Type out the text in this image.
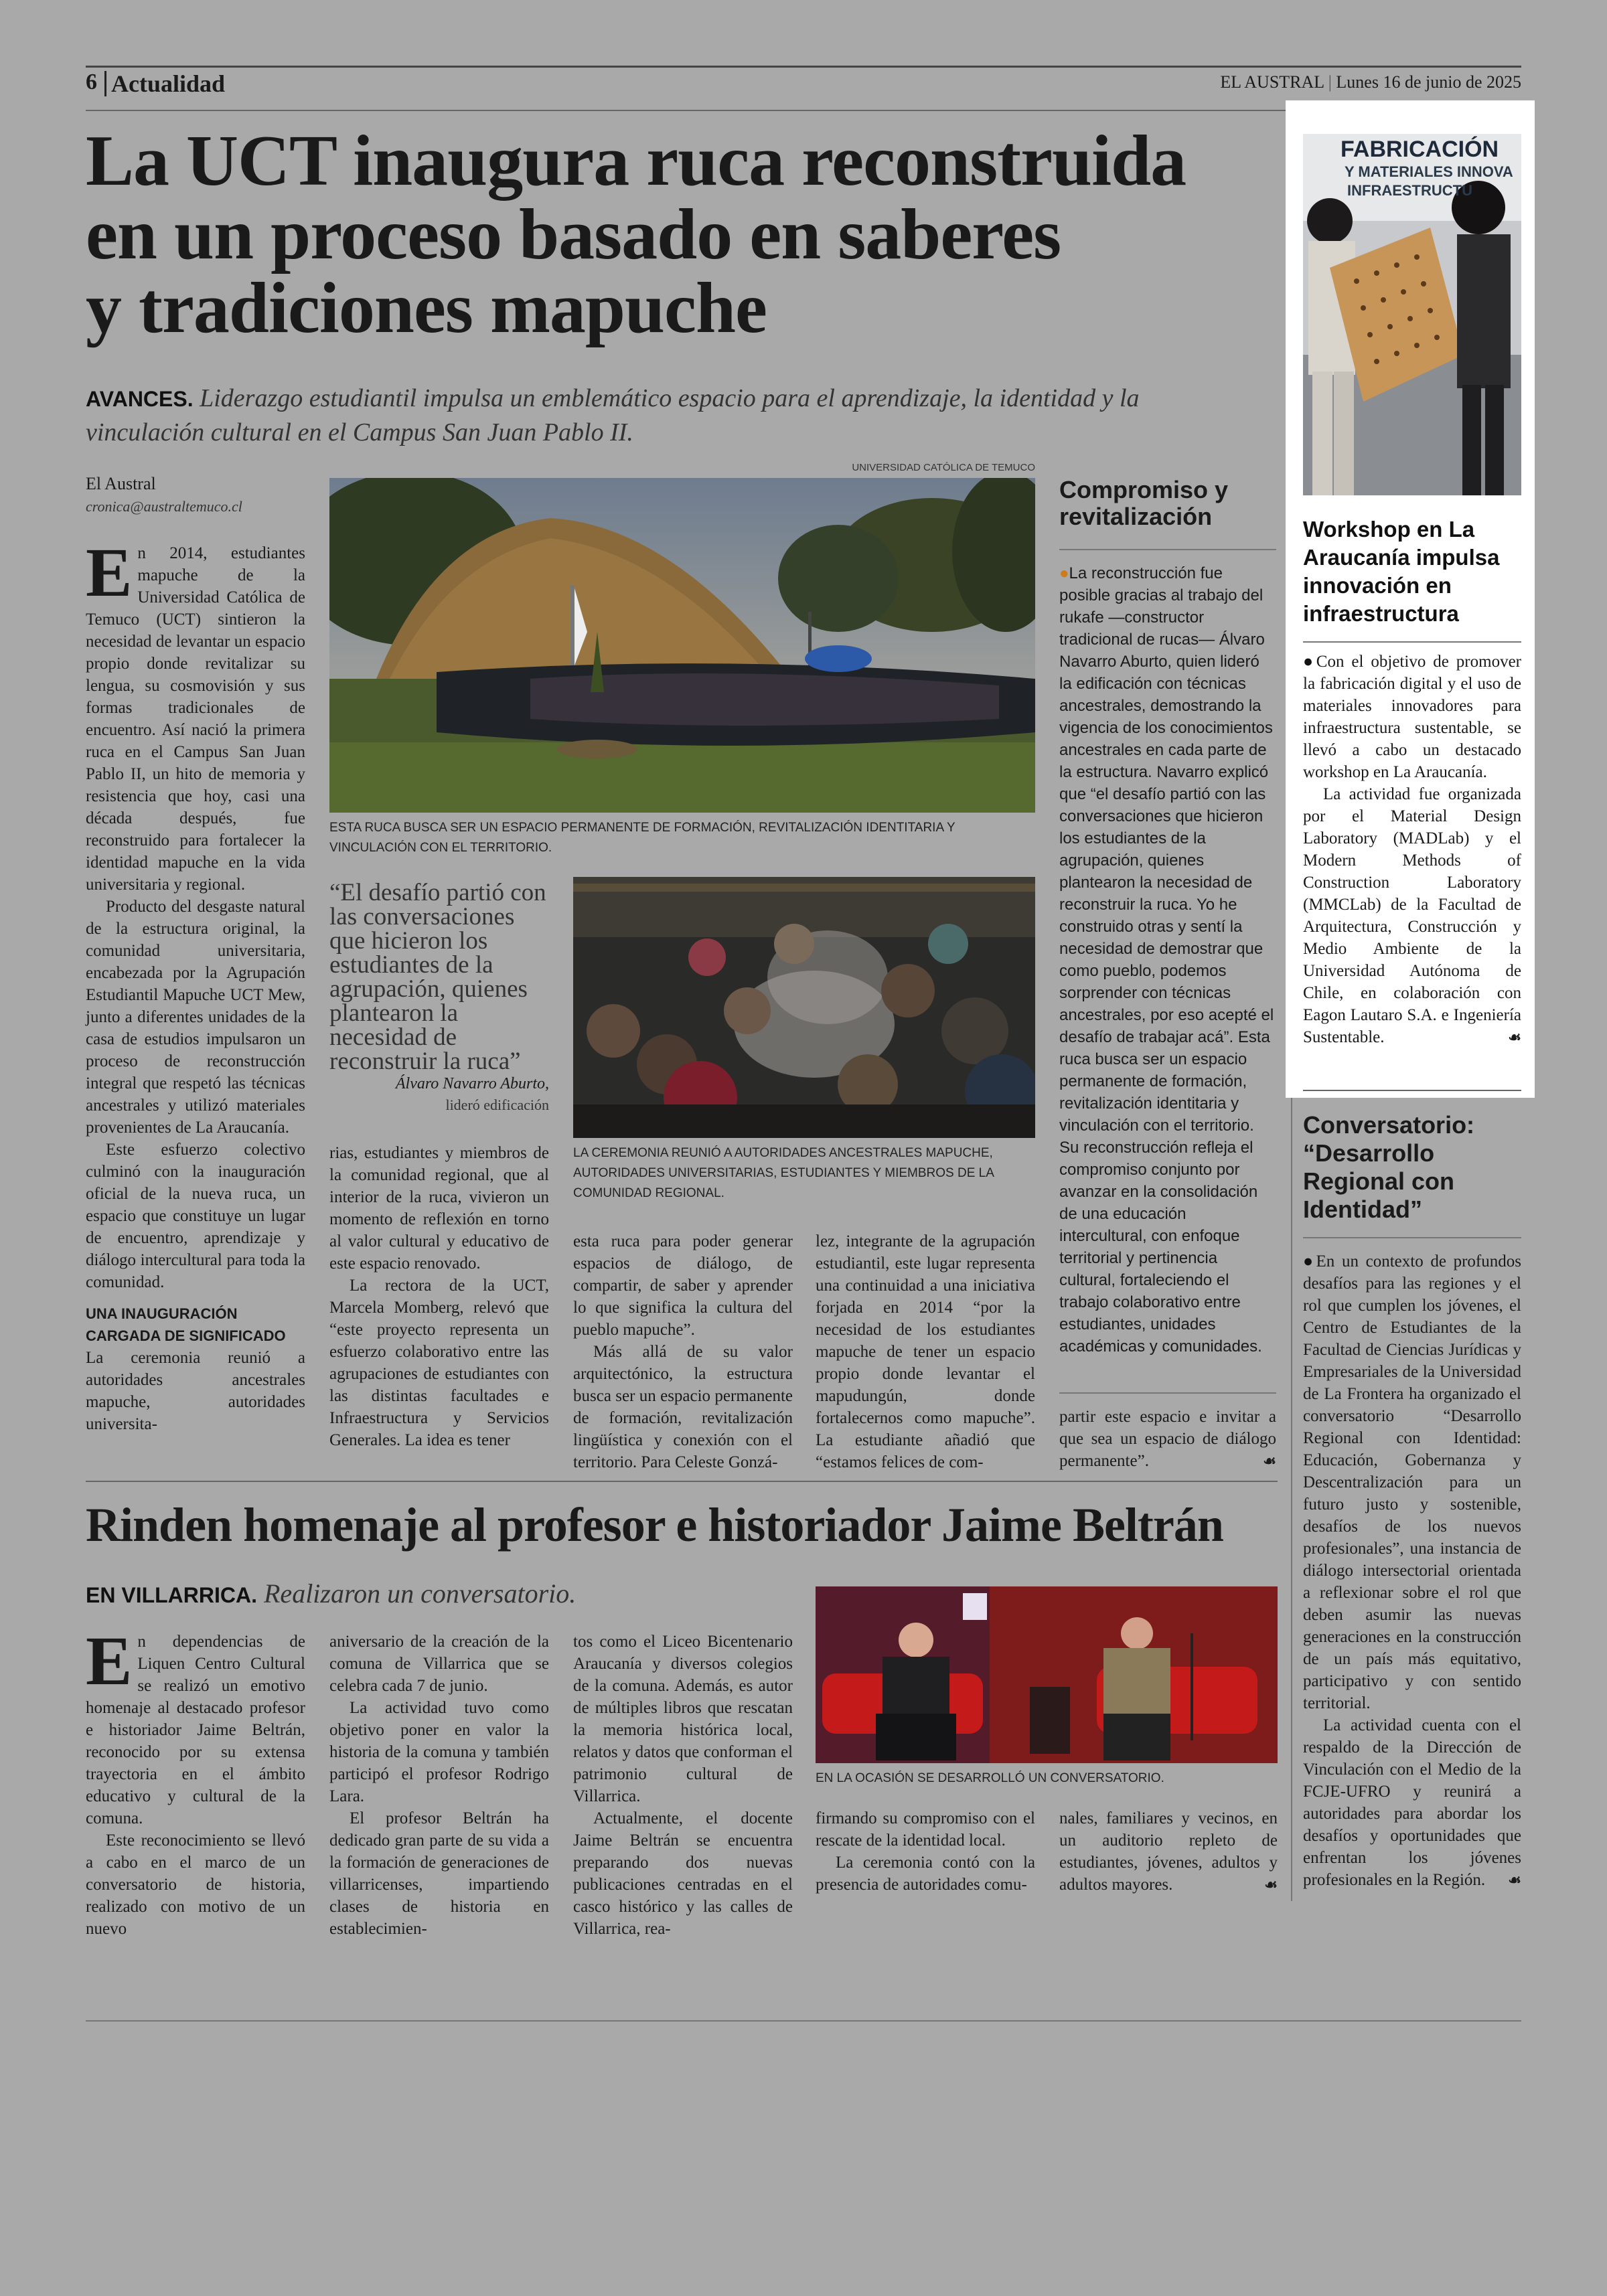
6 Actualidad	EL AUSTRAL | Lunes 16 de junio de 2025
La UCT inaugura ruca reconstruida
en un proceso basado en saberes
y tradiciones mapuche
AVANCES. Liderazgo estudiantil impulsa un emblemático espacio para el aprendizaje, la identidad y la vinculación cultural en el Campus San Juan Pablo II.
El Austral
cronica@australtemuco.cl
UNIVERSIDAD CATÓLICA DE TEMUCO
ESTA RUCA BUSCA SER UN ESPACIO PERMANENTE DE FORMACIÓN, REVITALIZACIÓN IDENTITARIA Y VINCULACIÓN CON EL TERRITORIO.
LA CEREMONIA REUNIÓ A AUTORIDADES ANCESTRALES MAPUCHE, AUTORIDADES UNIVERSITARIAS, ESTUDIANTES Y MIEMBROS DE LA COMUNIDAD REGIONAL.

En 2014, estudiantes mapuche de la Universidad Católica de Temuco (UCT) sintieron la necesidad de levantar un espacio propio donde revitalizar su lengua, su cosmovisión y sus formas tradicionales de encuentro. Así nació la primera ruca en el Campus San Juan Pablo II, un hito de memoria y resistencia que hoy, casi una década después, fue reconstruido para fortalecer la identidad mapuche en la vida universitaria y regional.

Producto del desgaste natural de la estructura original, la comunidad universitaria, encabezada por la Agrupación Estudiantil Mapuche UCT Mew, junto a diferentes unidades de la casa de estudios impulsaron un proceso de reconstrucción integral que respetó las técnicas ancestrales y utilizó materiales provenientes de La Araucanía.

Este esfuerzo colectivo culminó con la inauguración oficial de la nueva ruca, un espacio que constituye un lugar de encuentro, aprendizaje y diálogo intercultural para toda la comunidad.

UNA INAUGURACIÓN CARGADA DE SIGNIFICADO

La ceremonia reunió a autoridades ancestrales mapuche, autoridades universita-

“El desafío partió con las conversaciones que hicieron los estudiantes de la agrupación, quienes plantearon la necesidad de reconstruir la ruca”
Álvaro Navarro Aburto,
lideró edificación

rias, estudiantes y miembros de la comunidad regional, que al interior de la ruca, vivieron un momento de reflexión en torno al valor cultural y educativo de este espacio renovado.

La rectora de la UCT, Marcela Momberg, relevó que “este proyecto representa un esfuerzo colaborativo entre las agrupaciones de estudiantes con las distintas facultades e Infraestructura y Servicios Generales. La idea es tener

esta ruca para poder generar espacios de diálogo, de compartir, de saber y aprender lo que significa la cultura del pueblo mapuche”.

Más allá de su valor arquitectónico, la estructura busca ser un espacio permanente de formación, revitalización lingüística y conexión con el territorio. Para Celeste Gonzá-

lez, integrante de la agrupación estudiantil, este lugar representa una continuidad a una iniciativa forjada en 2014 “por la necesidad de los estudiantes mapuche de tener un espacio propio donde levantar el mapudungún, donde fortalecernos como mapuche”. La estudiante añadió que “estamos felices de com-

Compromiso y revitalización

●La reconstrucción fue posible gracias al trabajo del rukafe —constructor tradicional de rucas— Álvaro Navarro Aburto, quien lideró la edificación con técnicas ancestrales, demostrando la vigencia de los conocimientos ancestrales en cada parte de la estructura. Navarro explicó que “el desafío partió con las conversaciones que hicieron los estudiantes de la agrupación, quienes plantearon la necesidad de reconstruir la ruca. Yo he construido otras y sentí la necesidad de demostrar que como pueblo, podemos sorprender con técnicas ancestrales, por eso acepté el desafío de trabajar acá”. Esta ruca busca ser un espacio permanente de formación, revitalización identitaria y vinculación con el territorio. Su reconstrucción refleja el compromiso conjunto por avanzar en la consolidación de una educación intercultural, con enfoque territorial y pertinencia cultural, fortaleciendo el trabajo colaborativo entre estudiantes, unidades académicas y comunidades.

partir este espacio e invitar a que sea un espacio de diálogo permanente”.	☙

FABRICACIÓN
Y MATERIALES INNOVA
INFRAESTRUCTU
Workshop en La Araucanía impulsa innovación en infraestructura

●Con el objetivo de promover la fabricación digital y el uso de materiales innovadores para infraestructura sustentable, se llevó a cabo un destacado workshop en La Araucanía.

La actividad fue organizada por el Material Design Laboratory (MADLab) y el Modern Methods of Construction Laboratory (MMCLab) de la Facultad de Arquitectura, Construcción y Medio Ambiente de la Universidad Autónoma de Chile, en colaboración con Eagon Lautaro S.A. e Ingeniería Sustentable.	☙

Conversatorio: “Desarrollo Regional con Identidad”

●En un contexto de profundos desafíos para las regiones y el rol que cumplen los jóvenes, el Centro de Estudiantes de la Facultad de Ciencias Jurídicas y Empresariales de la Universidad de La Frontera ha organizado el conversatorio “Desarrollo Regional con Identidad: Educación, Gobernanza y Descentralización para un futuro justo y sostenible, desafíos de los nuevos profesionales”, una instancia de diálogo intersectorial orientada a reflexionar sobre el rol que deben asumir las nuevas generaciones en la construcción de un país más equitativo, participativo y con sentido territorial.

La actividad cuenta con el respaldo de la Dirección de Vinculación con el Medio de la FCJE-UFRO y reunirá a autoridades para abordar los desafíos y oportunidades que enfrentan los jóvenes profesionales en la Región.	☙

Rinden homenaje al profesor e historiador Jaime Beltrán
EN VILLARRICA. Realizaron un conversatorio.
EN LA OCASIÓN SE DESARROLLÓ UN CONVERSATORIO.

En dependencias de Liquen Centro Cultural se realizó un emotivo homenaje al destacado profesor e historiador Jaime Beltrán, reconocido por su extensa trayectoria en el ámbito educativo y cultural de la comuna.

Este reconocimiento se llevó a cabo en el marco de un conversatorio de historia, realizado con motivo de un nuevo

aniversario de la creación de la comuna de Villarrica que se celebra cada 7 de junio.

La actividad tuvo como objetivo poner en valor la historia de la comuna y también participó el profesor Rodrigo Lara.

El profesor Beltrán ha dedicado gran parte de su vida a la formación de generaciones de villarricenses, impartiendo clases de historia en establecimien-

tos como el Liceo Bicentenario Araucanía y diversos colegios de la comuna. Además, es autor de múltiples libros que rescatan la memoria histórica local, relatos y datos que conforman el patrimonio cultural de Villarrica.

Actualmente, el docente Jaime Beltrán se encuentra preparando dos nuevas publicaciones centradas en el casco histórico y las calles de Villarrica, rea-

firmando su compromiso con el rescate de la identidad local.

La ceremonia contó con la presencia de autoridades comu-

nales, familiares y vecinos, en un auditorio repleto de estudiantes, jóvenes, adultos y adultos mayores.	☙
